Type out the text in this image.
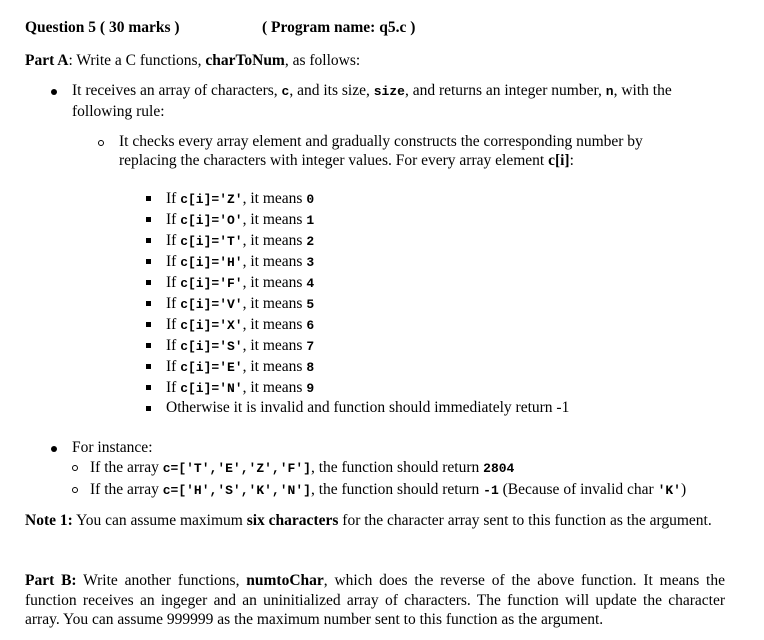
Question 5 ( 30 marks )	( Program name: q5.c )
Part A: Write a C functions, charToNum, as follows:
It receives an array of characters, c, and its size, size, and returns an integer number, n, with the
following rule:
It checks every array element and gradually constructs the corresponding number by
replacing the characters with integer values. For every array element c[i]:
If c[i]='Z', it means 0
If c[i]='O', it means 1
If c[i]='T', it means 2
If c[i]='H', it means 3
If c[i]='F', it means 4
If c[i]='V', it means 5
If c[i]='X', it means 6
If c[i]='S', it means 7
If c[i]='E', it means 8
If c[i]='N', it means 9
Otherwise it is invalid and function should immediately return -1
For instance:
If the array c=['T','E','Z','F'], the function should return 2804
If the array c=['H','S','K','N'], the function should return -1 (Because of invalid char 'K')
Note 1: You can assume maximum six characters for the character array sent to this function as the argument.
Part B: Write another functions, numtoChar, which does the reverse of the above function. It means the function receives an ingeger and an uninitialized array of characters. The function will update the character array. You can assume 999999 as the maximum number sent to this function as the argument.
